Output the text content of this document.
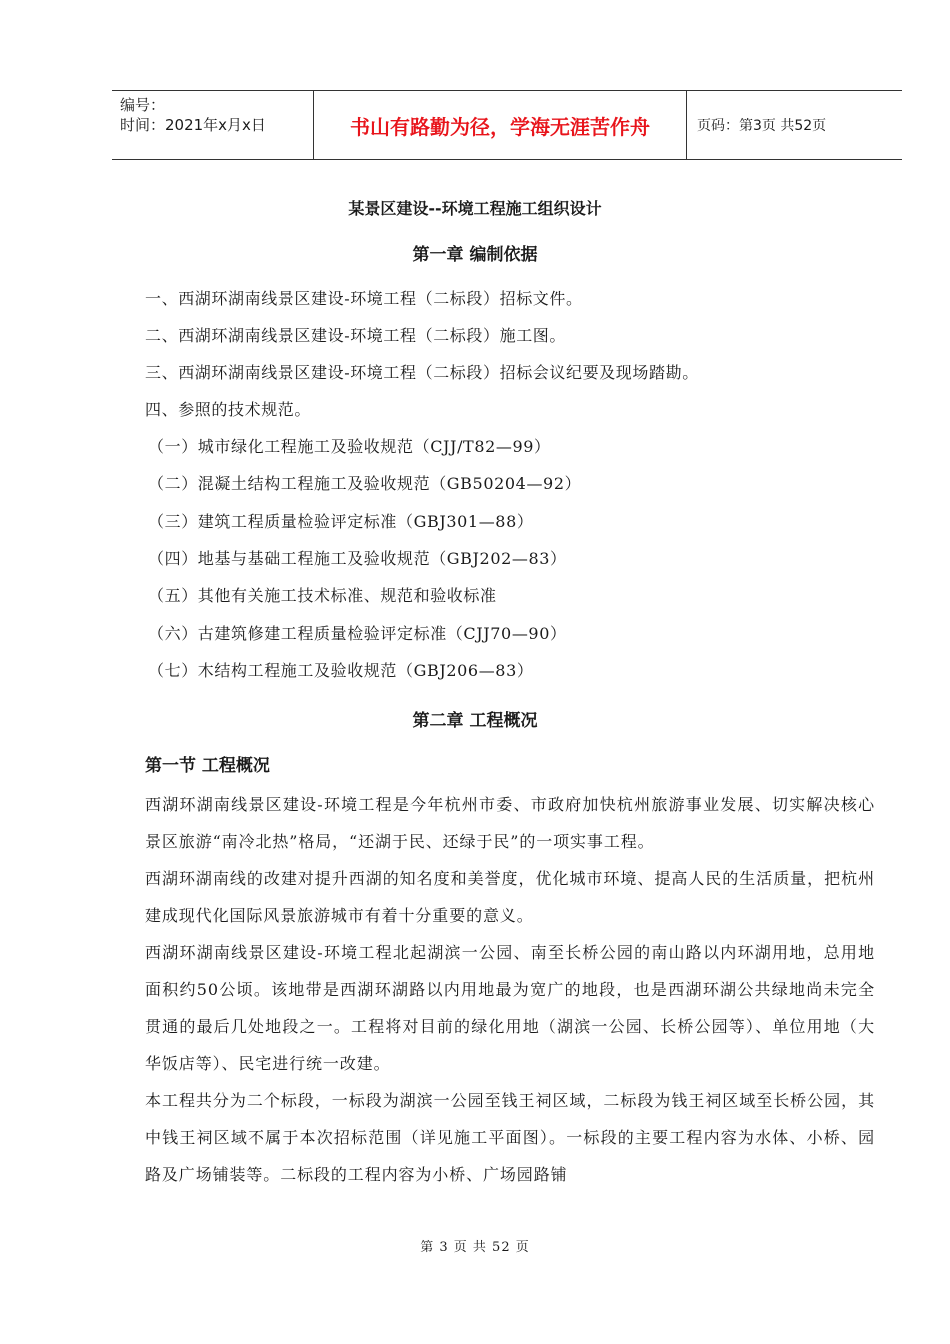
编号：
时间：2021年x月x日	书山有路勤为径，学海无涯苦作舟	页码：第3页 共52页
某景区建设--环境工程施工组织设计
第一章 编制依据
一、西湖环湖南线景区建设-环境工程（二标段）招标文件。
二、西湖环湖南线景区建设-环境工程（二标段）施工图。
三、西湖环湖南线景区建设-环境工程（二标段）招标会议纪要及现场踏勘。
四、参照的技术规范。
（一）城市绿化工程施工及验收规范（CJJ/T82—99）
（二）混凝土结构工程施工及验收规范（GB50204—92）
（三）建筑工程质量检验评定标准（GBJ301—88）
（四）地基与基础工程施工及验收规范（GBJ202—83）
（五）其他有关施工技术标准、规范和验收标准
（六）古建筑修建工程质量检验评定标准（CJJ70—90）
（七）木结构工程施工及验收规范（GBJ206—83）
第二章 工程概况
第一节 工程概况
西湖环湖南线景区建设-环境工程是今年杭州市委、市政府加快杭州旅游事业发展、切实解决核心景区旅游“南冷北热”格局，“还湖于民、还绿于民”的一项实事工程。
西湖环湖南线的改建对提升西湖的知名度和美誉度，优化城市环境、提高人民的生活质量，把杭州建成现代化国际风景旅游城市有着十分重要的意义。
西湖环湖南线景区建设-环境工程北起湖滨一公园、南至长桥公园的南山路以内环湖用地，总用地面积约50公顷。该地带是西湖环湖路以内用地最为宽广的地段，也是西湖环湖公共绿地尚未完全贯通的最后几处地段之一。工程将对目前的绿化用地（湖滨一公园、长桥公园等）、单位用地（大华饭店等）、民宅进行统一改建。
本工程共分为二个标段，一标段为湖滨一公园至钱王祠区域，二标段为钱王祠区域至长桥公园，其中钱王祠区域不属于本次招标范围（详见施工平面图）。一标段的主要工程内容为水体、小桥、园路及广场铺装等。二标段的工程内容为小桥、广场园路铺
第 3 页 共 52 页
